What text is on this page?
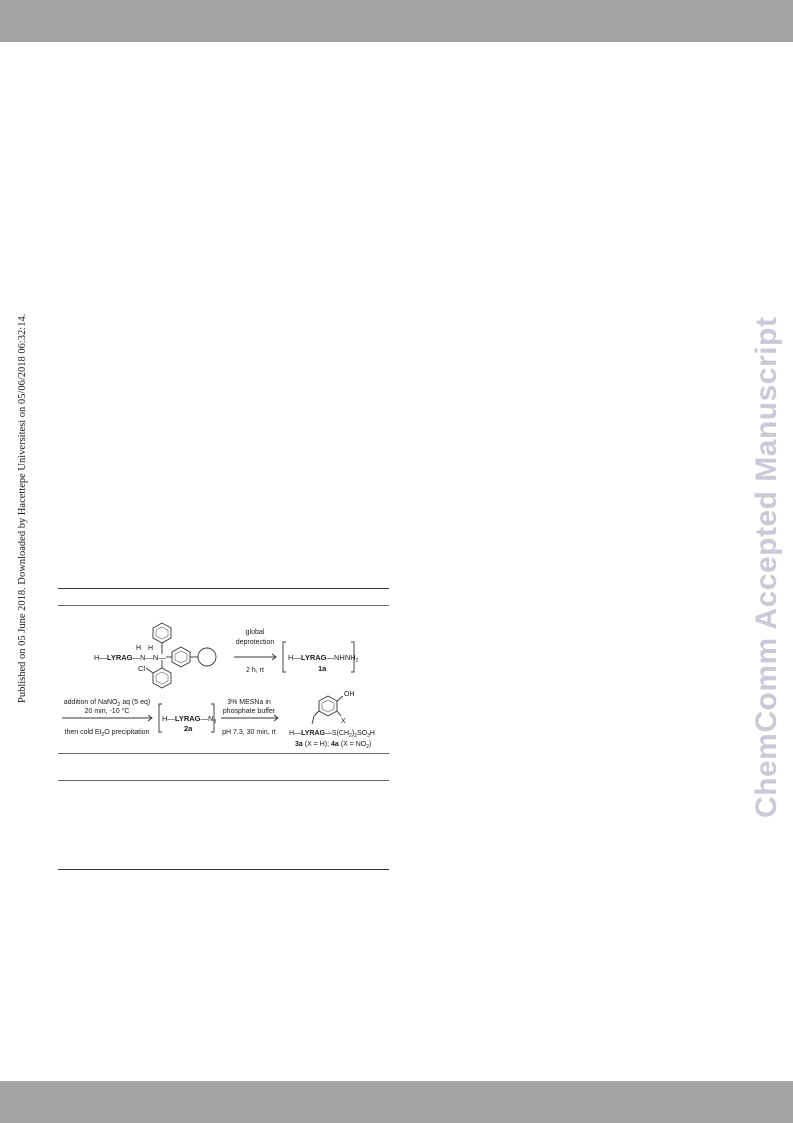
Published on 05 June 2018. Downloaded by Hacettepe Universitesi on 05/06/2018 06:32:14.	ChemComm Accepted Manuscript
H—LYRAG—N—N—
H H
Cl
global
deprotection
2 h, rt
$H—LYRAG—NHNH_2$
1a
addition of NaNO$_2$ aq (5 eq)
20 min, -10 °C
then cold $Et_2O$ precipitation
$H—LYRAG—N_3$
2a
3% MESNa in
phosphate buffer
pH 7.3, 30 min, rt
OH
X
$H—LYRAG—S(CH_2)_2SO_3H$
3a (X = H); 4a $(X = NO_2)$
